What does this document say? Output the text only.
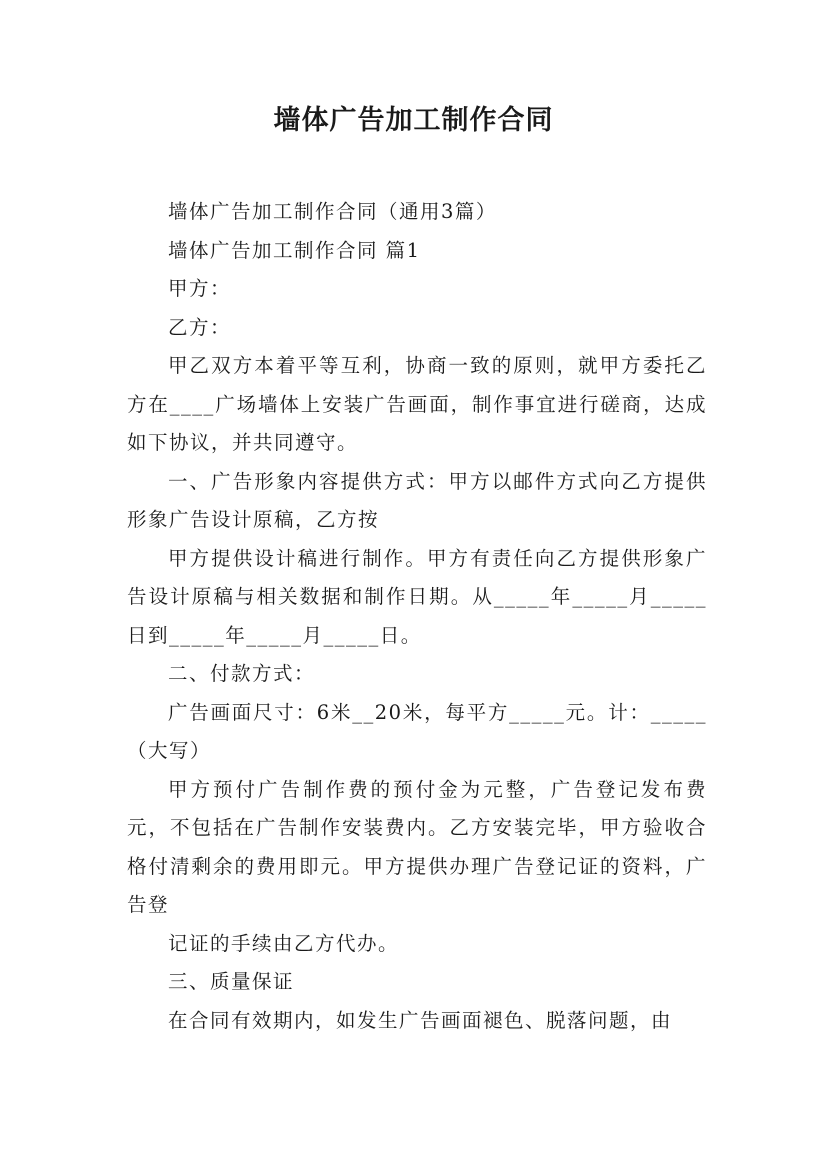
墙体广告加工制作合同

墙体广告加工制作合同（通用3篇）

墙体广告加工制作合同 篇1

甲方：

乙方：

甲乙双方本着平等互利，协商一致的原则，就甲方委托乙方在____广场墙体上安装广告画面，制作事宜进行磋商，达成如下协议，并共同遵守。

一、广告形象内容提供方式：甲方以邮件方式向乙方提供形象广告设计原稿，乙方按

甲方提供设计稿进行制作。甲方有责任向乙方提供形象广告设计原稿与相关数据和制作日期。从_____年_____月_____日到_____年_____月_____日。

二、付款方式：

广告画面尺寸：6米__20米，每平方_____元。计：_____（大写）

甲方预付广告制作费的预付金为元整，广告登记发布费元，不包括在广告制作安装费内。乙方安装完毕，甲方验收合格付清剩余的费用即元。甲方提供办理广告登记证的资料，广告登

记证的手续由乙方代办。

三、质量保证

在合同有效期内，如发生广告画面褪色、脱落问题，由
